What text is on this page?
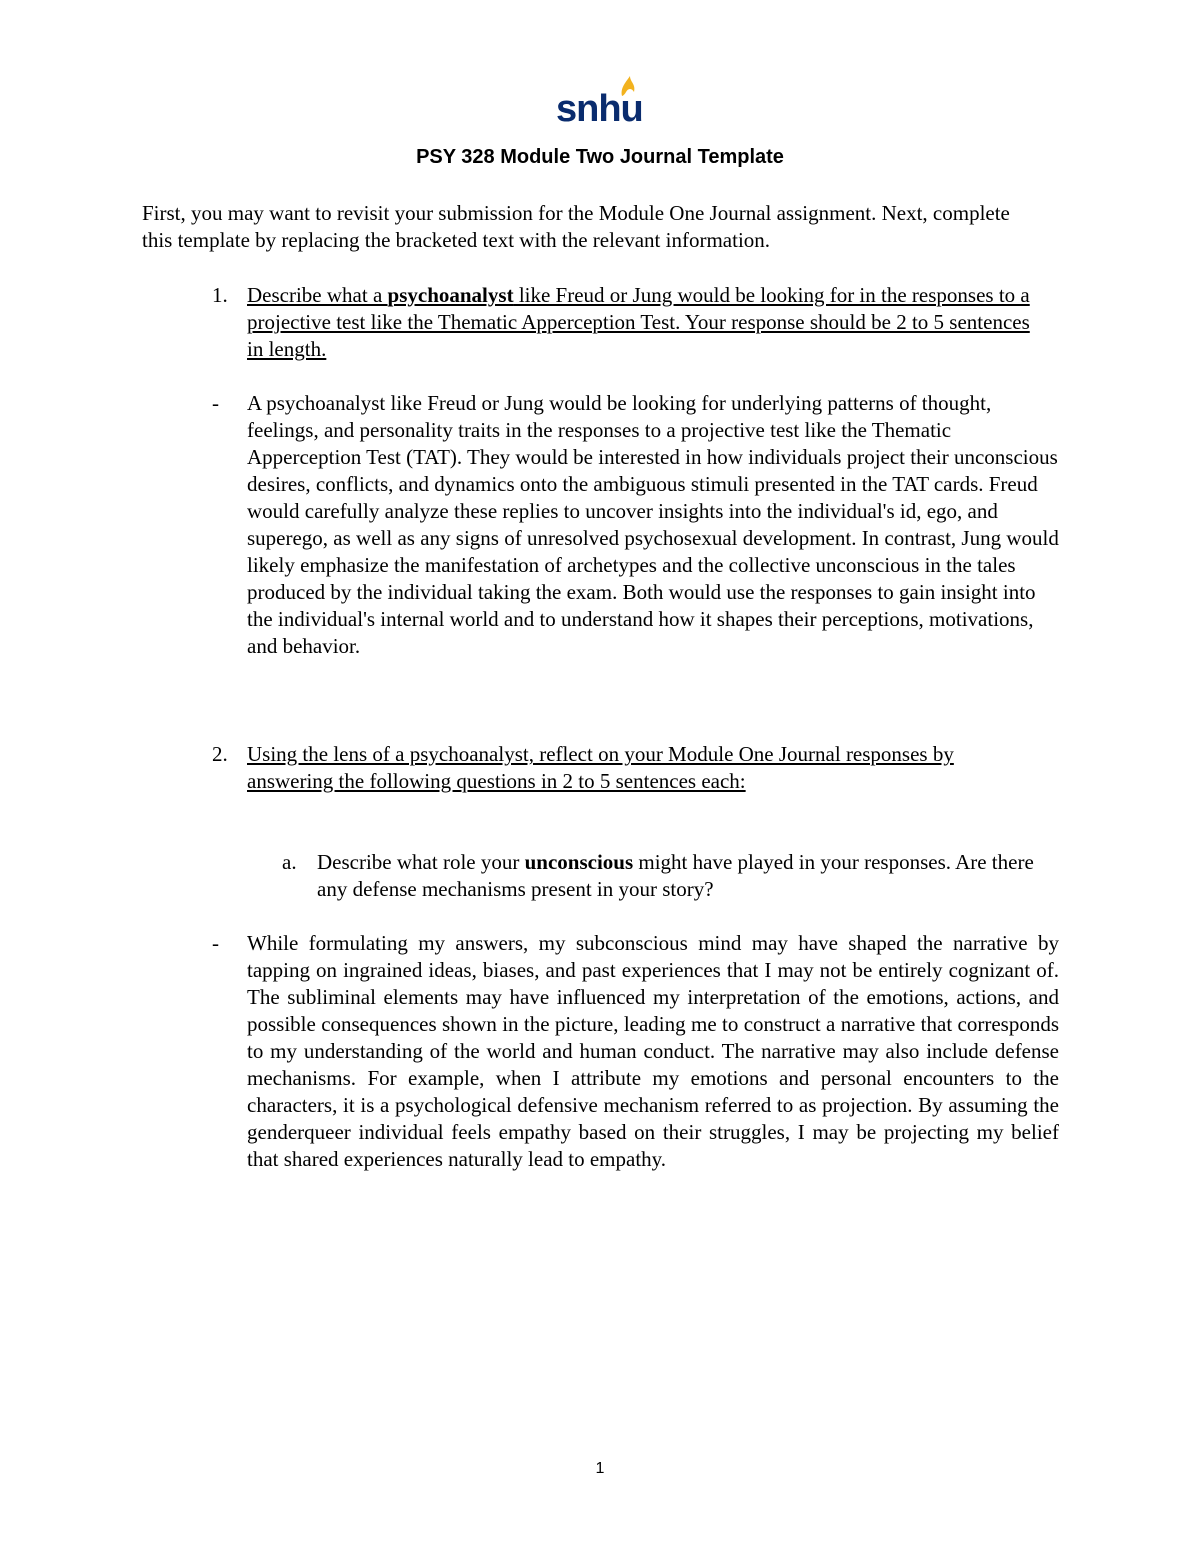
snhu
PSY 328 Module Two Journal Template
First, you may want to revisit your submission for the Module One Journal assignment. Next, complete this template by replacing the bracketed text with the relevant information.
1. Describe what a psychoanalyst like Freud or Jung would be looking for in the responses to a projective test like the Thematic Apperception Test. Your response should be 2 to 5 sentences in length.
- A psychoanalyst like Freud or Jung would be looking for underlying patterns of thought, feelings, and personality traits in the responses to a projective test like the Thematic Apperception Test (TAT). They would be interested in how individuals project their unconscious desires, conflicts, and dynamics onto the ambiguous stimuli presented in the TAT cards. Freud would carefully analyze these replies to uncover insights into the individual's id, ego, and superego, as well as any signs of unresolved psychosexual development. In contrast, Jung would likely emphasize the manifestation of archetypes and the collective unconscious in the tales produced by the individual taking the exam. Both would use the responses to gain insight into the individual's internal world and to understand how it shapes their perceptions, motivations, and behavior.
2. Using the lens of a psychoanalyst, reflect on your Module One Journal responses by answering the following questions in 2 to 5 sentences each:
a. Describe what role your unconscious might have played in your responses. Are there any defense mechanisms present in your story?
- While formulating my answers, my subconscious mind may have shaped the narrative by tapping on ingrained ideas, biases, and past experiences that I may not be entirely cognizant of. The subliminal elements may have influenced my interpretation of the emotions, actions, and possible consequences shown in the picture, leading me to construct a narrative that corresponds to my understanding of the world and human conduct. The narrative may also include defense mechanisms. For example, when I attribute my emotions and personal encounters to the characters, it is a psychological defensive mechanism referred to as projection. By assuming the genderqueer individual feels empathy based on their struggles, I may be projecting my belief that shared experiences naturally lead to empathy.
1
